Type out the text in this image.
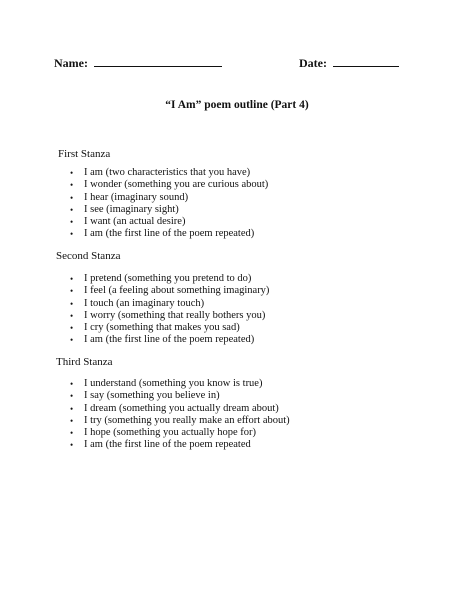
Name:	Date:
“I Am” poem outline (Part 4)
First Stanza
• I am (two characteristics that you have)
• I wonder (something you are curious about)
• I hear (imaginary sound)
• I see (imaginary sight)
• I want (an actual desire)
• I am (the first line of the poem repeated)
Second Stanza
• I pretend (something you pretend to do)
• I feel (a feeling about something imaginary)
• I touch (an imaginary touch)
• I worry (something that really bothers you)
• I cry (something that makes you sad)
• I am (the first line of the poem repeated)
Third Stanza
• I understand (something you know is true)
• I say (something you believe in)
• I dream (something you actually dream about)
• I try (something you really make an effort about)
• I hope (something you actually hope for)
• I am (the first line of the poem repeated
